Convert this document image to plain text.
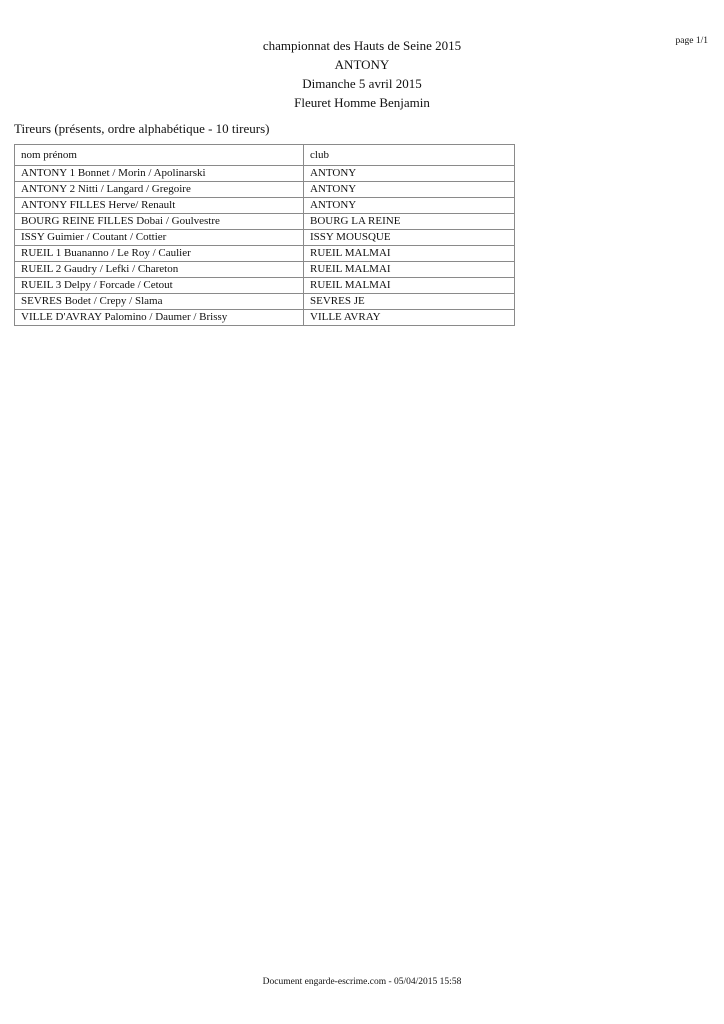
page 1/1
championnat des Hauts de Seine 2015
ANTONY
Dimanche 5 avril 2015
Fleuret Homme Benjamin
Tireurs (présents, ordre alphabétique - 10 tireurs)
nom prénom	club
ANTONY 1 Bonnet / Morin / Apolinarski	ANTONY
ANTONY 2 Nitti / Langard / Gregoire	ANTONY
ANTONY FILLES Herve/ Renault	ANTONY
BOURG REINE FILLES Dobai / Goulvestre	BOURG LA REINE
ISSY Guimier / Coutant / Cottier	ISSY MOUSQUE
RUEIL 1 Buananno / Le Roy / Caulier	RUEIL MALMAI
RUEIL 2 Gaudry / Lefki / Chareton	RUEIL MALMAI
RUEIL 3 Delpy / Forcade / Cetout	RUEIL MALMAI
SEVRES Bodet / Crepy / Slama	SEVRES JE
VILLE D'AVRAY Palomino / Daumer / Brissy	VILLE AVRAY
Document engarde-escrime.com - 05/04/2015 15:58
